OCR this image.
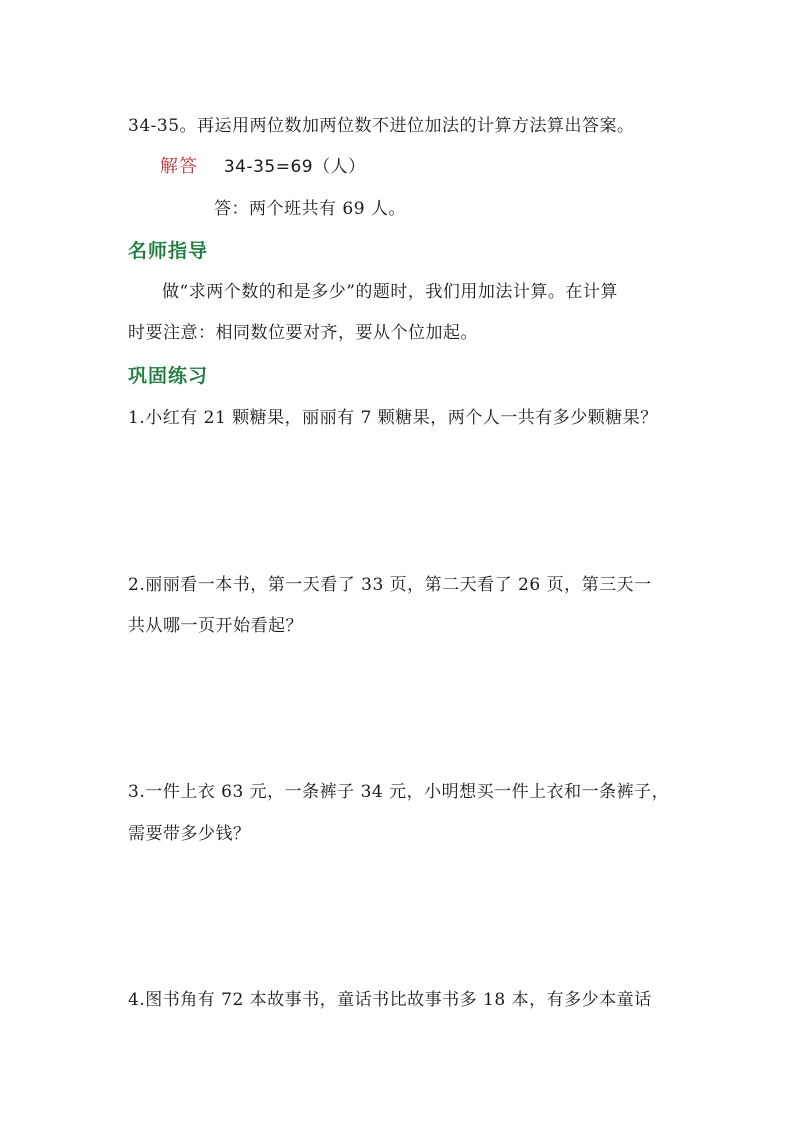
34-35。再运用两位数加两位数不进位加法的计算方法算出答案。
解答 34-35=69（人）
答：两个班共有 69 人。
名师指导
做“求两个数的和是多少”的题时，我们用加法计算。在计算
时要注意：相同数位要对齐，要从个位加起。
巩固练习
1.小红有 21 颗糖果，丽丽有 7 颗糖果，两个人一共有多少颗糖果？
2.丽丽看一本书，第一天看了 33 页，第二天看了 26 页，第三天一
共从哪一页开始看起？
3.一件上衣 63 元，一条裤子 34 元，小明想买一件上衣和一条裤子，
需要带多少钱？
4.图书角有 72 本故事书，童话书比故事书多 18 本，有多少本童话
